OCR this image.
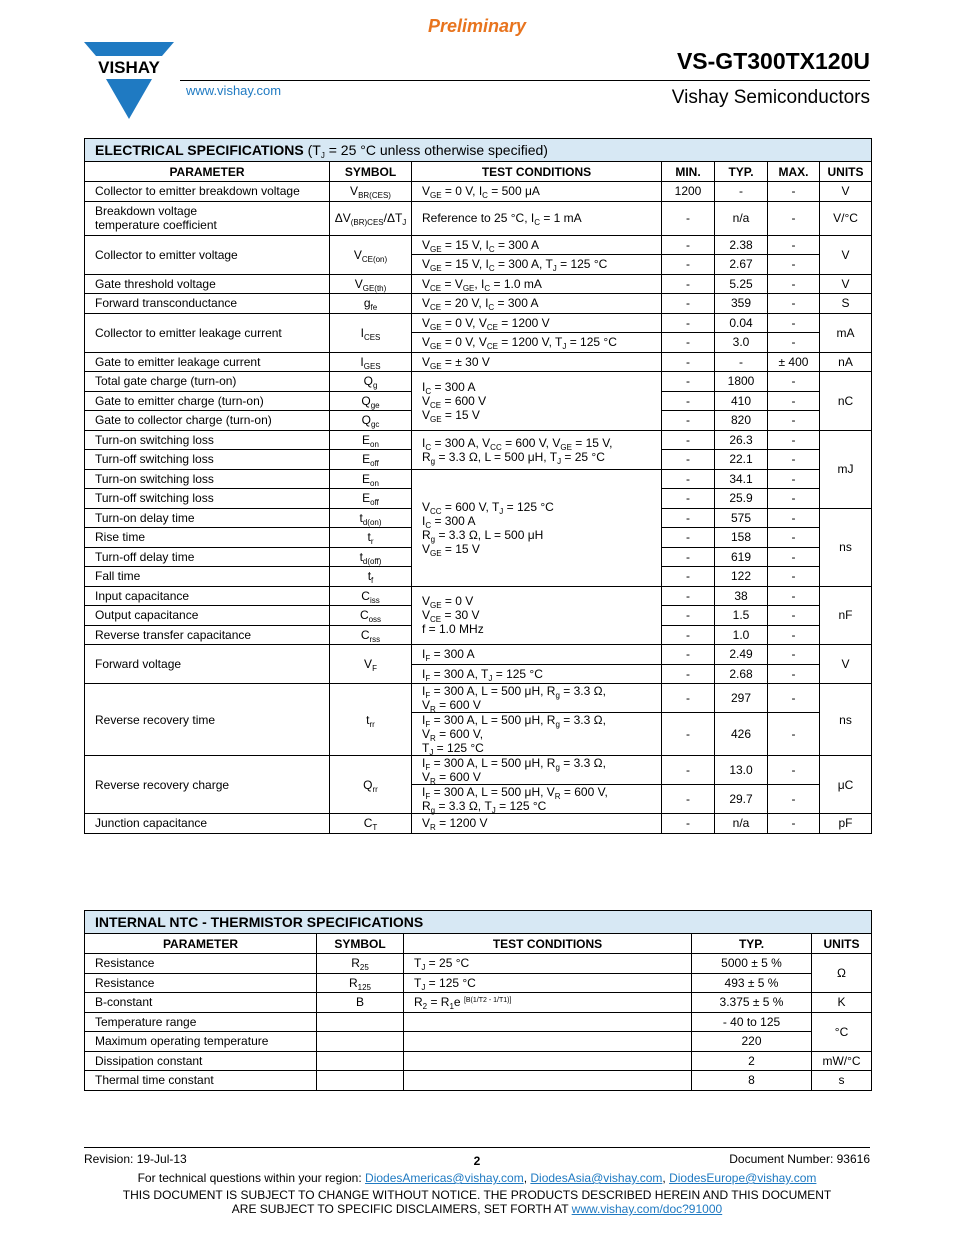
Preliminary
VISHAY
www.vishay.com
VS-GT300TX120U
Vishay Semiconductors
ELECTRICAL SPECIFICATIONS ($T_J = 25$ °C unless otherwise specified)						
PARAMETER	SYMBOL	TEST CONDITIONS	MIN.	TYP.	MAX.	UNITS
Collector to emitter breakdown voltage	$V_{BR(CES)}$	$V_{GE} = 0$ V, $I_C = 500$ μA	1200	-	-	V
Breakdown voltage
temperature coefficient	$\Delta V_{(BR)CES}/\Delta T_J$	Reference to 25 °C, $I_C = 1$ mA	-	n/a	-	V/°C
Collector to emitter voltage	$V_{CE(on)}$	$V_{GE} = 15$ V, $I_C = 300$ A	-	2.38	-	V
		$V_{GE} = 15$ V, $I_C = 300$ A, $T_J = 125$ °C	-	2.67	-	
Gate threshold voltage	$V_{GE(th)}$	$V_{CE} = V_{GE}$, $I_C = 1.0$ mA	-	5.25	-	V
Forward transconductance	$g_{fe}$	$V_{CE} = 20$ V, $I_C = 300$ A	-	359	-	S
Collector to emitter leakage current	$I_{CES}$	$V_{GE} = 0$ V, $V_{CE} = 1200$ V	-	0.04	-	mA
		$V_{GE} = 0$ V, $V_{CE} = 1200$ V, $T_J = 125$ °C	-	3.0	-	
Gate to emitter leakage current	$I_{GES}$	$V_{GE}$ = ± 30 V	-	-	± 400	nA
Total gate charge (turn-on)	$Q_g$	$I_C = 300$ A
$V_{CE} = 600$ V
$V_{GE} = 15$ V	-	1800	-	nC
Gate to emitter charge (turn-on)	$Q_{ge}$		-	410	-	
Gate to collector charge (turn-on)	$Q_{gc}$		-	820	-	
Turn-on switching loss	$E_{on}$	$I_C = 300$ A, $V_{CC} = 600$ V, $V_{GE} = 15$ V,
$R_g = 3.3$ Ω, L = 500 μH, $T_J = 25$ °C	-	26.3	-	mJ
Turn-off switching loss	$E_{off}$		-	22.1	-	
Turn-on switching loss	$E_{on}$	$V_{CC} = 600$ V, $T_J = 125$ °C
$I_C = 300$ A
$R_g = 3.3$ Ω, L = 500 μH
$V_{GE} = 15$ V	-	34.1	-	
Turn-off switching loss	$E_{off}$		-	25.9	-	
Turn-on delay time	$t_{d(on)}$		-	575	-	ns
Rise time	$t_r$		-	158	-	
Turn-off delay time	$t_{d(off)}$		-	619	-	
Fall time	$t_f$		-	122	-	
Input capacitance	$C_{iss}$	$V_{GE} = 0$ V
$V_{CE} = 30$ V
f = 1.0 MHz	-	38	-	nF
Output capacitance	$C_{oss}$		-	1.5	-	
Reverse transfer capacitance	$C_{rss}$		-	1.0	-	
Forward voltage	$V_F$	$I_F = 300$ A	-	2.49	-	V
		$I_F = 300$ A, $T_J = 125$ °C	-	2.68	-	
Reverse recovery time	$t_{rr}$	$I_F = 300$ A, L = 500 μH, $R_g = 3.3$ Ω,
$V_R = 600$ V	-	297	-	ns
		$I_F = 300$ A, L = 500 μH, $R_g = 3.3$ Ω,
$V_R = 600$ V,
$T_J = 125$ °C	-	426	-	
Reverse recovery charge	$Q_{rr}$	$I_F = 300$ A, L = 500 μH, $R_g = 3.3$ Ω,
$V_R = 600$ V	-	13.0	-	μC
		$I_F = 300$ A, L = 500 μH, $V_R = 600$ V,
$R_g = 3.3$ Ω, $T_J = 125$ °C	-	29.7	-	
Junction capacitance	$C_T$	$V_R = 1200$ V	-	n/a	-	pF
INTERNAL NTC - THERMISTOR SPECIFICATIONS				
PARAMETER	SYMBOL	TEST CONDITIONS	TYP.	UNITS
Resistance	$R_{25}$	$T_J = 25$ °C	5000 ± 5 %	Ω
Resistance	$R_{125}$	$T_J = 125$ °C	493 ± 5 %	
B-constant	B	$R_2 = R_1e$ [B(1/T2 - 1/T1)]	3.375 ± 5 %	K
Temperature range			- 40 to 125	°C
Maximum operating temperature			220	
Dissipation constant			2	mW/°C
Thermal time constant			8	s
Revision: 19-Jul-13	2	Document Number: 93616
For technical questions within your region: DiodesAmericas@vishay.com, DiodesAsia@vishay.com, DiodesEurope@vishay.com
THIS DOCUMENT IS SUBJECT TO CHANGE WITHOUT NOTICE. THE PRODUCTS DESCRIBED HEREIN AND THIS DOCUMENT
ARE SUBJECT TO SPECIFIC DISCLAIMERS, SET FORTH AT www.vishay.com/doc?91000
